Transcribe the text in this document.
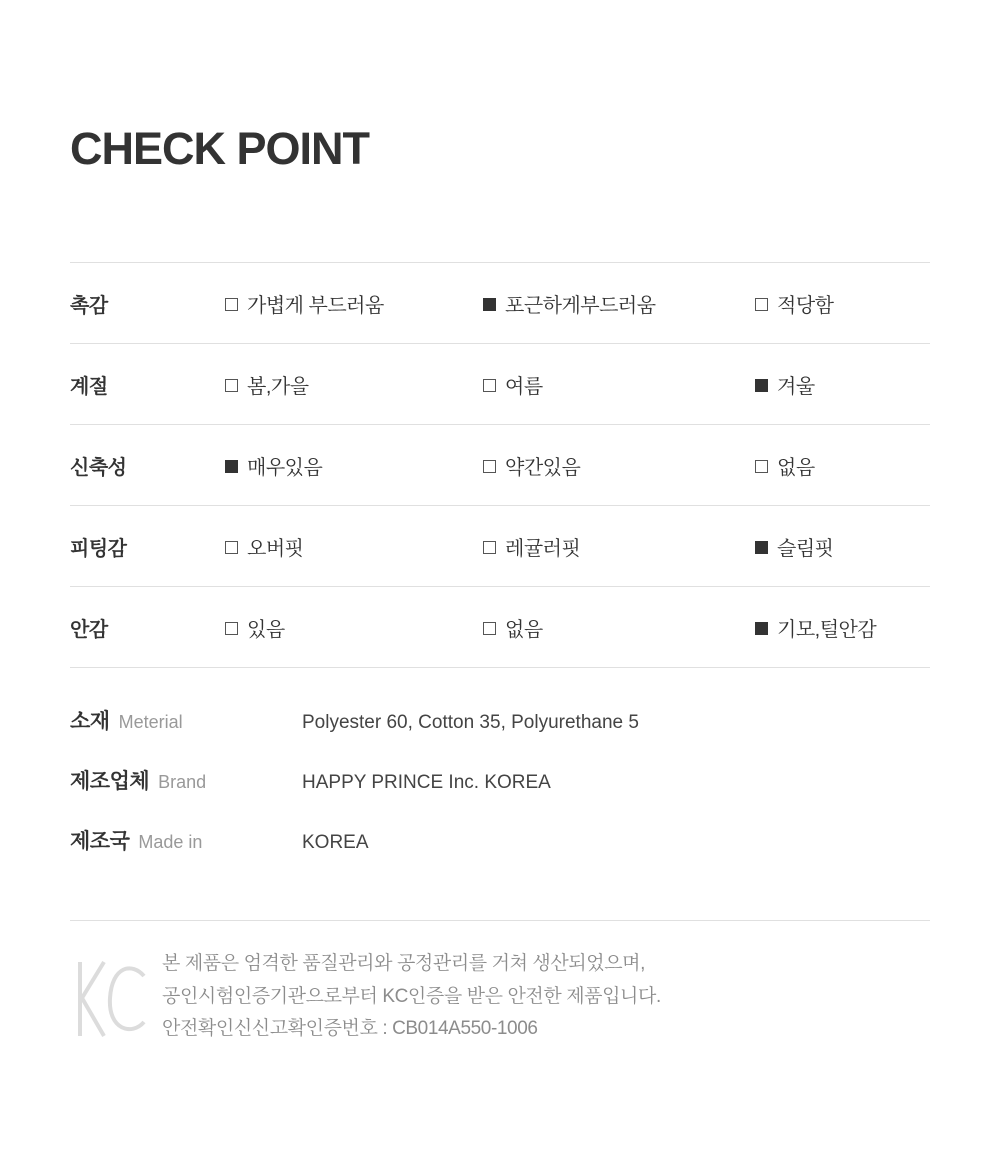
CHECK POINT
촉감	가볍게 부드러움	포근하게부드러움	적당함
계절	봄,가을	여름	겨울
신축성	매우있음	약간있음	없음
피팅감	오버핏	레귤러핏	슬림핏
안감	있음	없음	기모,털안감
소재 Meterial	Polyester 60, Cotton 35, Polyurethane 5
제조업체 Brand	HAPPY PRINCE Inc. KOREA
제조국 Made in	KOREA
본 제품은 엄격한 품질관리와 공정관리를 거쳐 생산되었으며,
공인시험인증기관으로부터 KC인증을 받은 안전한 제품입니다.
안전확인신신고확인증번호 : CB014A550-1006
